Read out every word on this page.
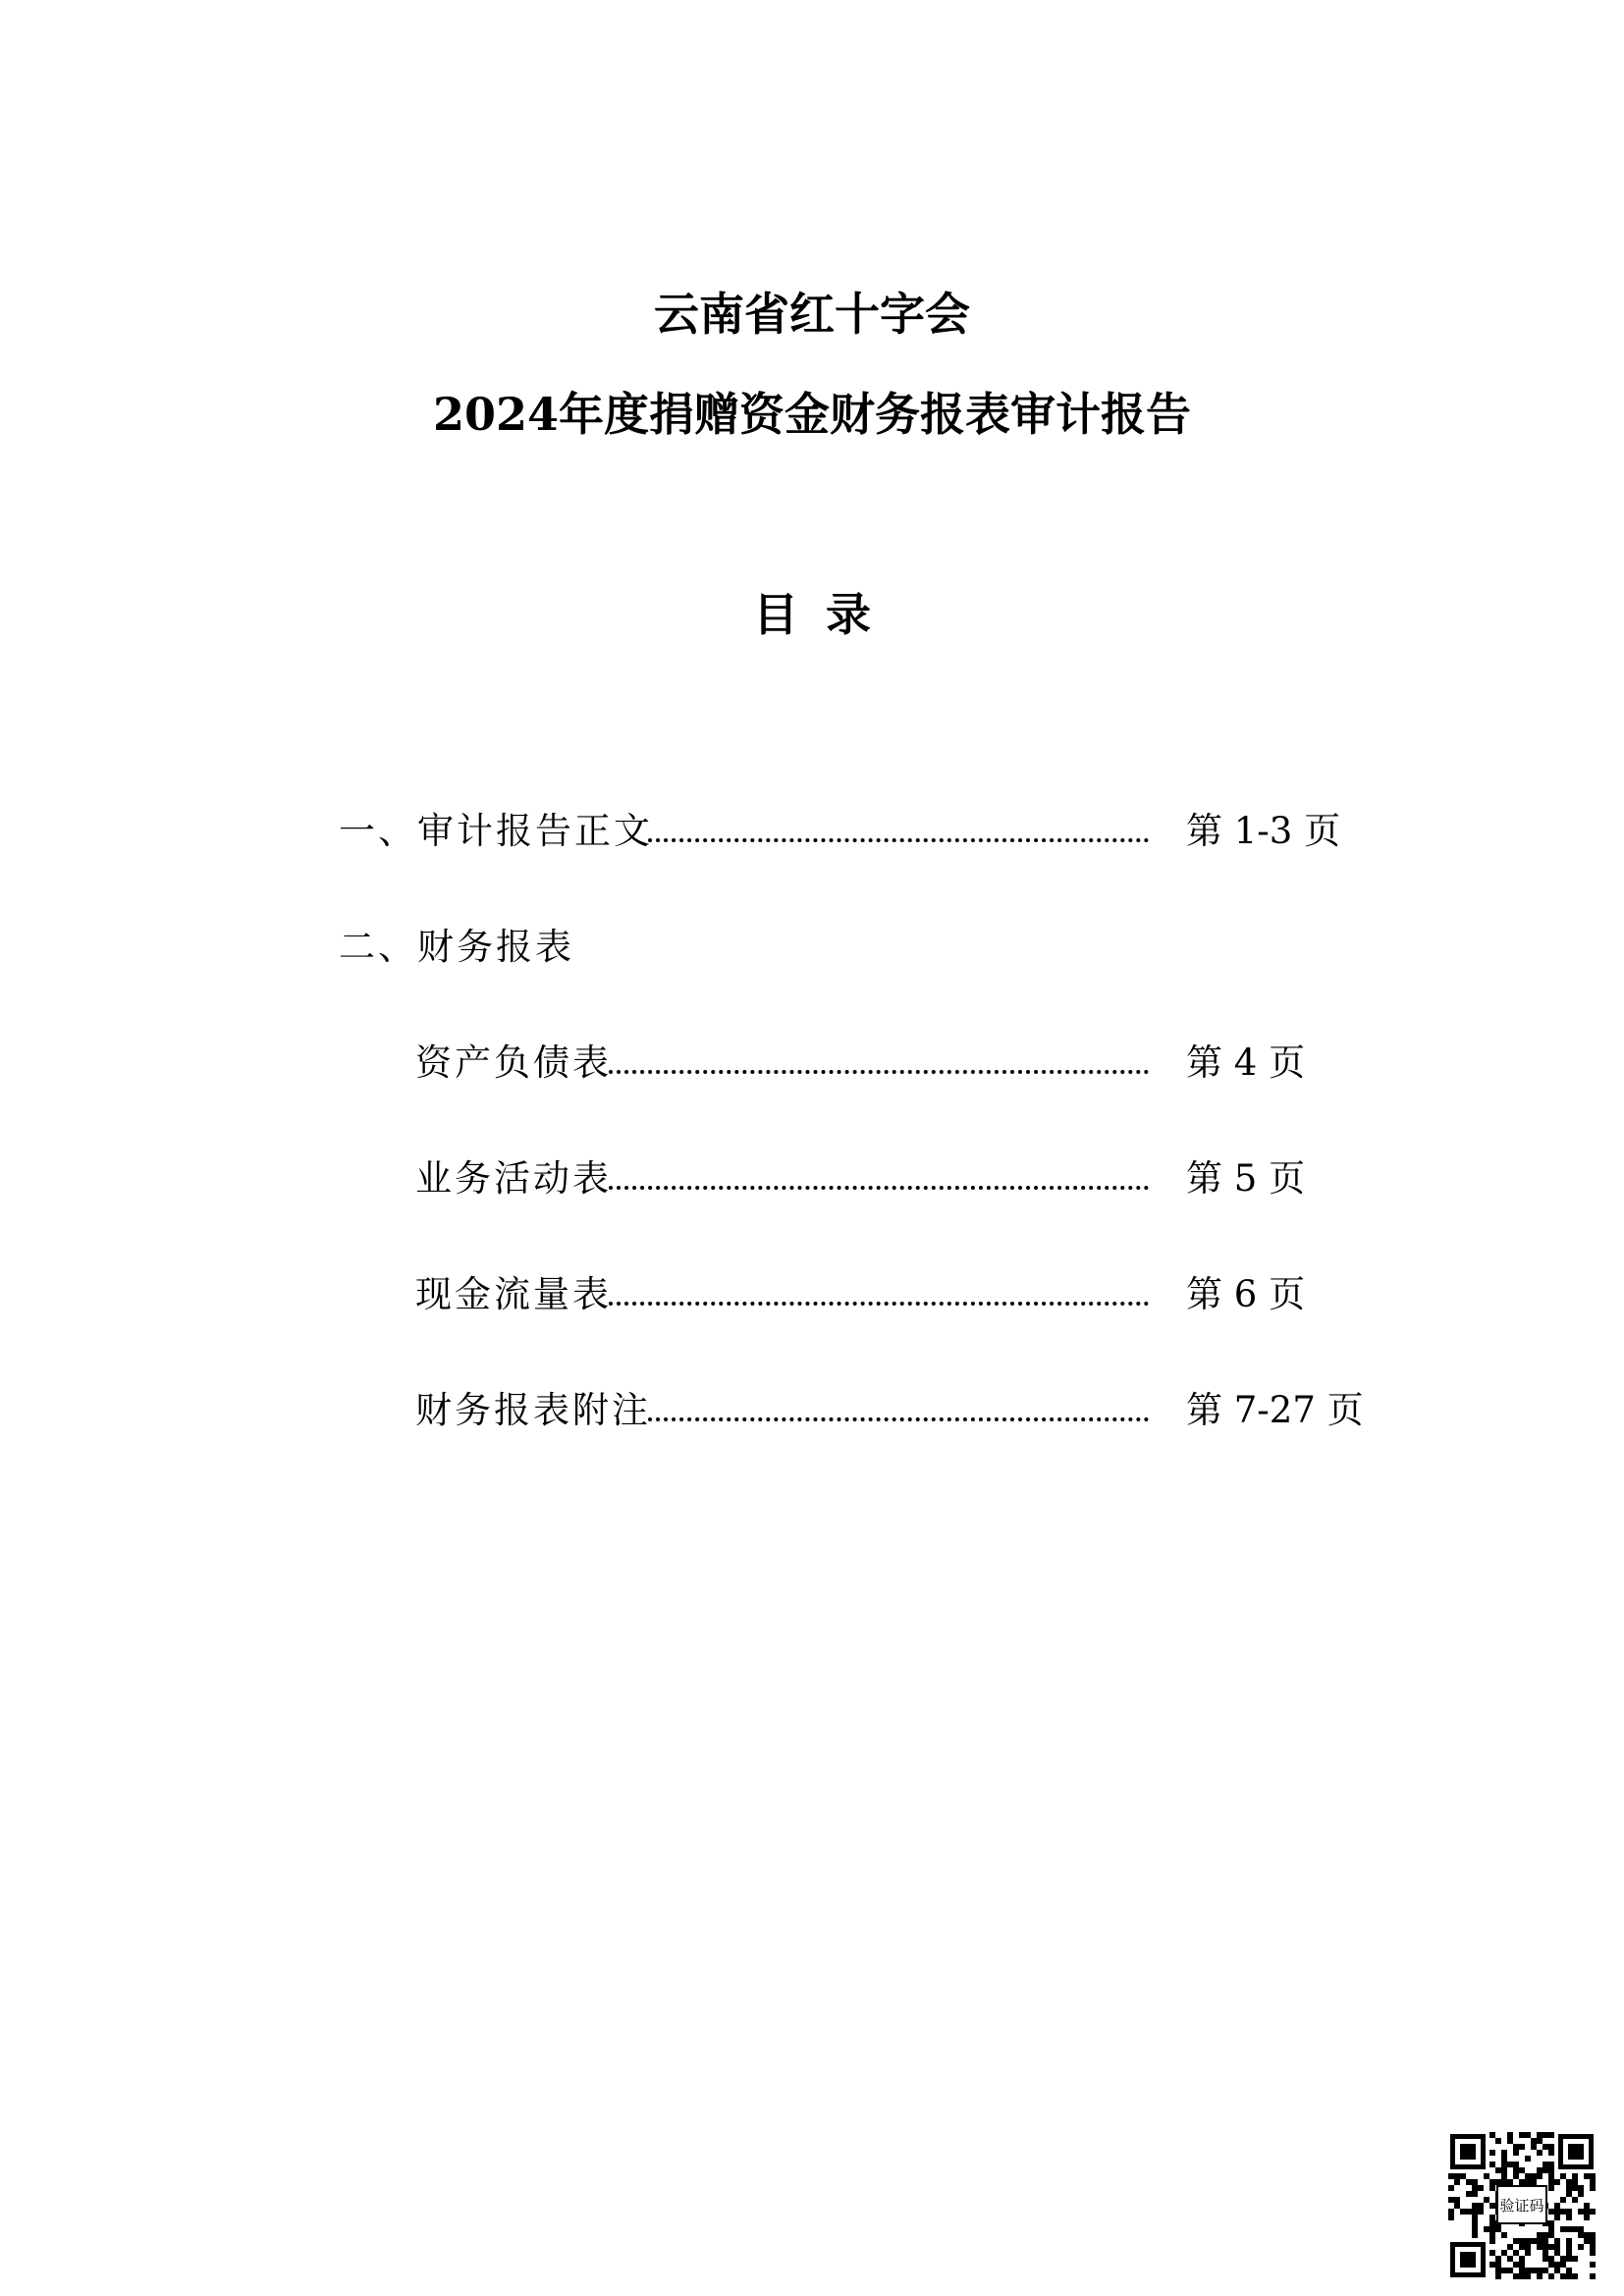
云南省红十字会
2024年度捐赠资金财务报表审计报告
目 录
一、审计报告正文	第 1-3 页
二、财务报表
资产负债表	第 4 页
业务活动表	第 5 页
现金流量表	第 6 页
财务报表附注	第 7-27 页
验证码
